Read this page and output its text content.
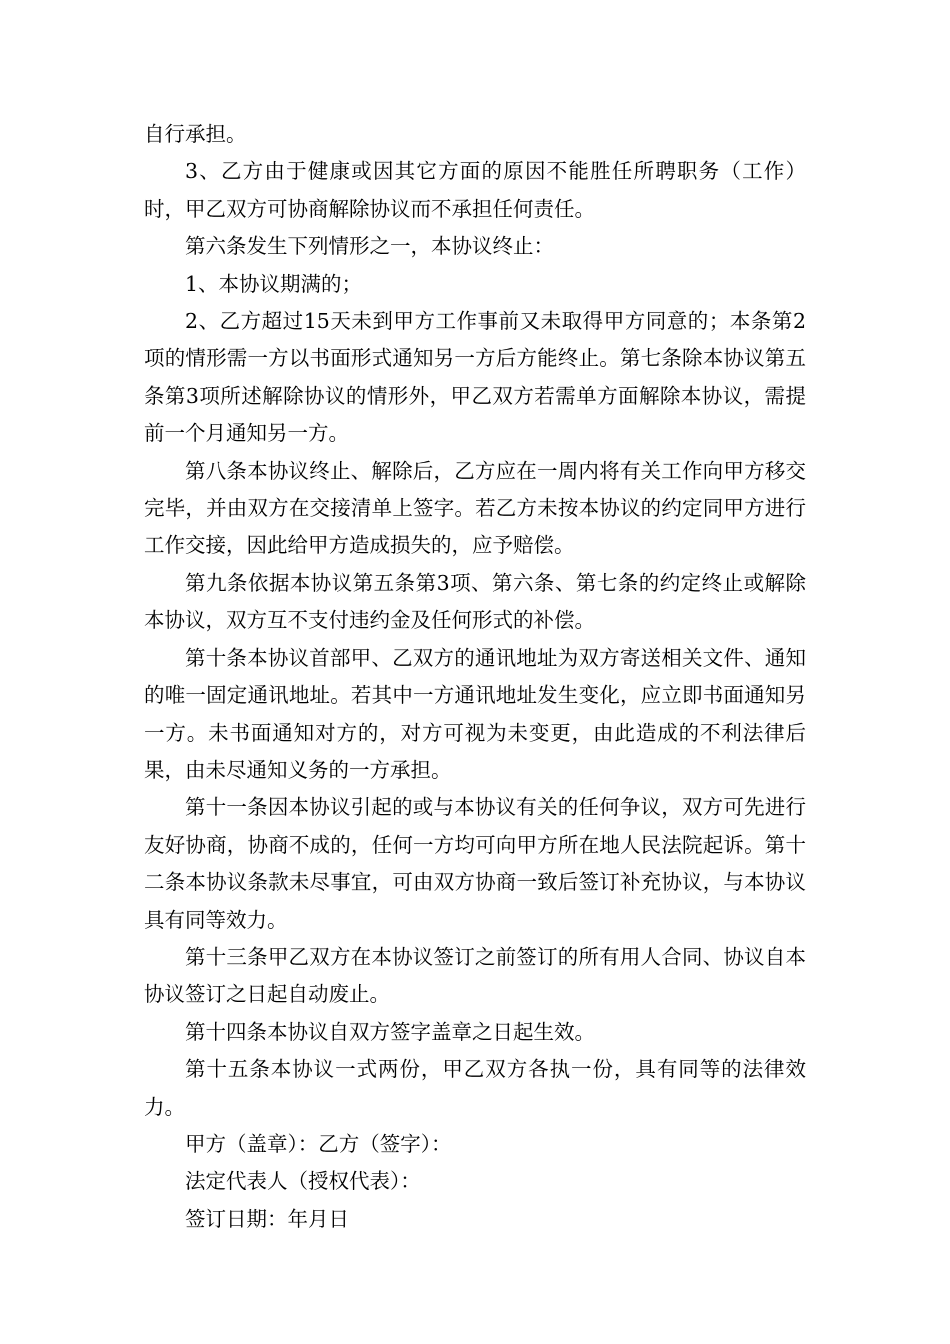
自行承担。

3、乙方由于健康或因其它方面的原因不能胜任所聘职务（工作）时，甲乙双方可协商解除协议而不承担任何责任。

第六条发生下列情形之一，本协议终止：

1、本协议期满的；

2、乙方超过15天未到甲方工作事前又未取得甲方同意的；本条第2项的情形需一方以书面形式通知另一方后方能终止。第七条除本协议第五条第3项所述解除协议的情形外，甲乙双方若需单方面解除本协议，需提前一个月通知另一方。

第八条本协议终止、解除后，乙方应在一周内将有关工作向甲方移交完毕，并由双方在交接清单上签字。若乙方未按本协议的约定同甲方进行工作交接，因此给甲方造成损失的，应予赔偿。

第九条依据本协议第五条第3项、第六条、第七条的约定终止或解除本协议，双方互不支付违约金及任何形式的补偿。

第十条本协议首部甲、乙双方的通讯地址为双方寄送相关文件、通知的唯一固定通讯地址。若其中一方通讯地址发生变化，应立即书面通知另一方。未书面通知对方的，对方可视为未变更，由此造成的不利法律后果，由未尽通知义务的一方承担。

第十一条因本协议引起的或与本协议有关的任何争议，双方可先进行友好协商，协商不成的，任何一方均可向甲方所在地人民法院起诉。第十二条本协议条款未尽事宜，可由双方协商一致后签订补充协议，与本协议具有同等效力。

第十三条甲乙双方在本协议签订之前签订的所有用人合同、协议自本协议签订之日起自动废止。

第十四条本协议自双方签字盖章之日起生效。

第十五条本协议一式两份，甲乙双方各执一份，具有同等的法律效力。

甲方（盖章）：乙方（签字）：

法定代表人（授权代表）：

签订日期：年月日
